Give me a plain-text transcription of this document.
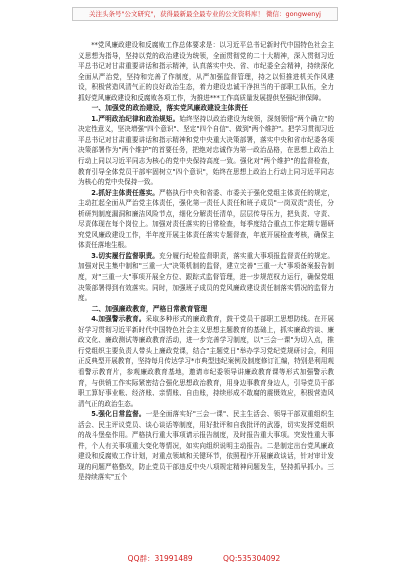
关注头条号"公文研究"，获得最新最全最专业的公文资料库！ 微信：gongwenyj

**党风廉政建设和反腐败工作总体要求是：以习近平总书记新时代中国特色社会主义思想为指导，坚持以党的政治建设为统领，全面贯彻党的二十大精神，深入贯彻习近平总书记对甘肃重要讲话和指示精神，认真落实中央、省、市纪委全会精神，持续深化全面从严治党，坚持和完善了作制度，从严加强监督管理，持之以恒推进机关作风建设，积极营造风清气正的良好政治生态，着力建设忠诚干净担当的干部职工队伍，全力抓好党风廉政建设和反腐败各项工作，为推进***工作高质量发展提供坚强纪律保障。

一、加强党的政治建设，落实党风廉政建设主体责任

1.严明政治纪律和政治规矩。始终坚持以政治建设为统领，深刻领悟"两个确立"的决定性意义，坚决增强"四个意识"、坚定"四个自信"、做到"两个维护"。把学习贯彻习近平总书记对甘肃重要讲话和指示精神和党中央重大决策部署，落实中央和省市纪委各项决策部署作为"两个维护"的首要任务，把绝对忠诚作为第一政治品格，在思想上政治上行动上同以习近平同志为核心的党中央保持高度一致。强化对"两个维护"的监督检查，教育引导全体党员干部牢固树立"四个意识"，始终在思想上政治上行动上同习近平同志为核心的党中央保持一致。

2.抓好主体责任落实。严格执行中央和省委、市委关于强化党组主体责任的规定，主动扛起全面从严治党主体责任，强化第一责任人责任和班子成员"一岗双责"责任，分析研判制度漏洞和廉洁风险节点，细化分解责任清单，层层传导压力，把负责、守责、尽责体现在每个岗位上。加强对责任落实的日常检查，每季度结合重点工作定期专题研究党风廉政建设工作，半年度开展主体责任落实专题督查，年底开展检查考核，确保主体责任落地生根。

3.切实履行监督职责。充分履行纪检监督职责，落实重大事项报监督责任的规定。加强对民主集中制和"三重一大"决策机制的监督，建立完善"三重一大"事项备案报告制度，对"三重一大"事项开展全方位、跟踪式监督管理，进一步规范权力运行，确保党组决策部署得到有效落实。同时，加强班子成员的党风廉政建设责任制落实情况的监督力度。

二、加强廉政教育，严格日常教育管理

4.加强警示教育。采取多种形式的廉政教育，鼓干党员干部职工思想防线。在开展好学习贯彻习近平新时代中国特色社会主义思想主题教育的基础上，抓实廉政约谈、廉政文化、廉政测试等廉政教育活动，进一步完善学习制度，以"三会一课"为切入点，推行党组织主要负责人带头上廉政党课，结合"主题党日"举办学习党纪党规研讨会，利用正反典型开展教育，坚持每月传达学习*市典型违纪案例及制度修订汇编，特别是利用观看警示教育片，参观廉政教育基地，邀请市纪委领导讲廉政教育课等形式加强警示教育，与供销工作实际紧密结合强化思想政治教育，用身边事教育身边人，引导党员干部职工算好事业帐、经济账、亲情账、自由账，持续形成不敢腐的震慑效应，积极营造风清气正的政治生态。

5.强化日常监督。一是全面落实好"三会一课"、民主生活会、领导干部双重组织生活会、民主评议党员、谈心谈话等制度，用好批评和自我批评的武器，切实发挥党组织的战斗堡垒作用。严格执行重大事项请示报告制度，及时报告重大事项。突发性重大事件，个人有关事项重大变化等情况，如实向组织说明主动报告。二是制定出台党风廉政建设和反腐败工作计划，对重点领域和关键环节，依照程序开展廉政谈话，针对审计发现的问题严格整改，防止党员干部违反中央八项规定精神问题发生，坚持抓早抓小。三是持续落实"五个

QQ群：31991489	QQ:535304092
